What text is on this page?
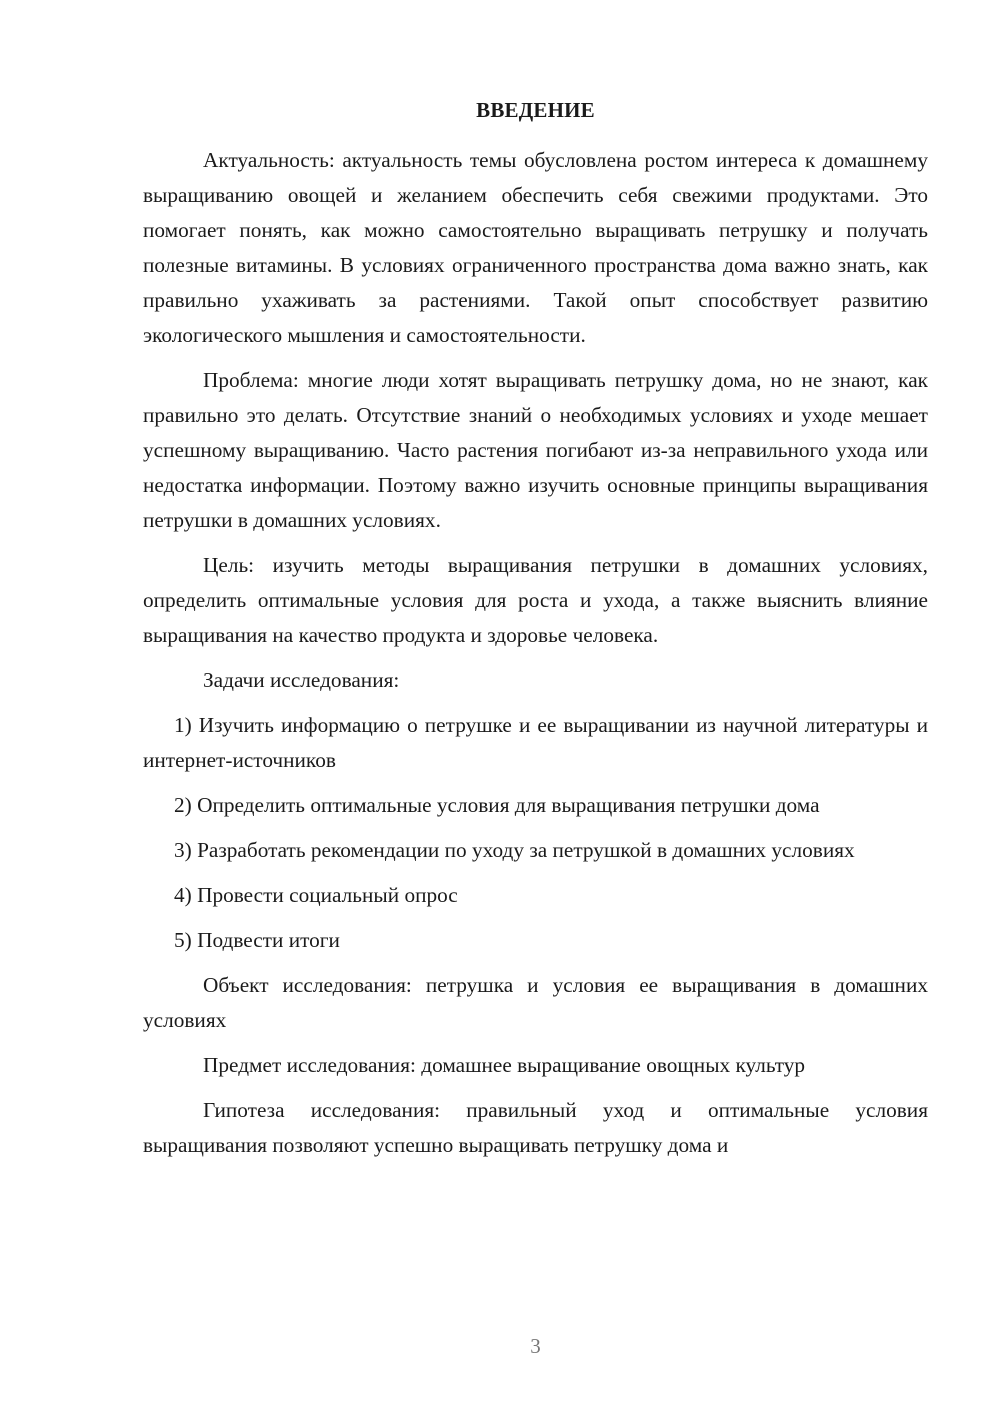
ВВЕДЕНИЕ

Актуальность: актуальность темы обусловлена ростом интереса к домашнему выращиванию овощей и желанием обеспечить себя свежими продуктами. Это помогает понять, как можно самостоятельно выращивать петрушку и получать полезные витамины. В условиях ограниченного пространства дома важно знать, как правильно ухаживать за растениями. Такой опыт способствует развитию экологического мышления и самостоятельности.

Проблема: многие люди хотят выращивать петрушку дома, но не знают, как правильно это делать. Отсутствие знаний о необходимых условиях и уходе мешает успешному выращиванию. Часто растения погибают из-за неправильного ухода или недостатка информации. Поэтому важно изучить основные принципы выращивания петрушки в домашних условиях.

Цель: изучить методы выращивания петрушки в домашних условиях, определить оптимальные условия для роста и ухода, а также выяснить влияние выращивания на качество продукта и здоровье человека.

Задачи исследования:

1) Изучить информацию о петрушке и ее выращивании из научной литературы и интернет-источников

2) Определить оптимальные условия для выращивания петрушки дома

3) Разработать рекомендации по уходу за петрушкой в домашних условиях

4) Провести социальный опрос

5) Подвести итоги

Объект исследования: петрушка и условия ее выращивания в домашних условиях

Предмет исследования: домашнее выращивание овощных культур

Гипотеза исследования: правильный уход и оптимальные условия выращивания позволяют успешно выращивать петрушку дома и

3
